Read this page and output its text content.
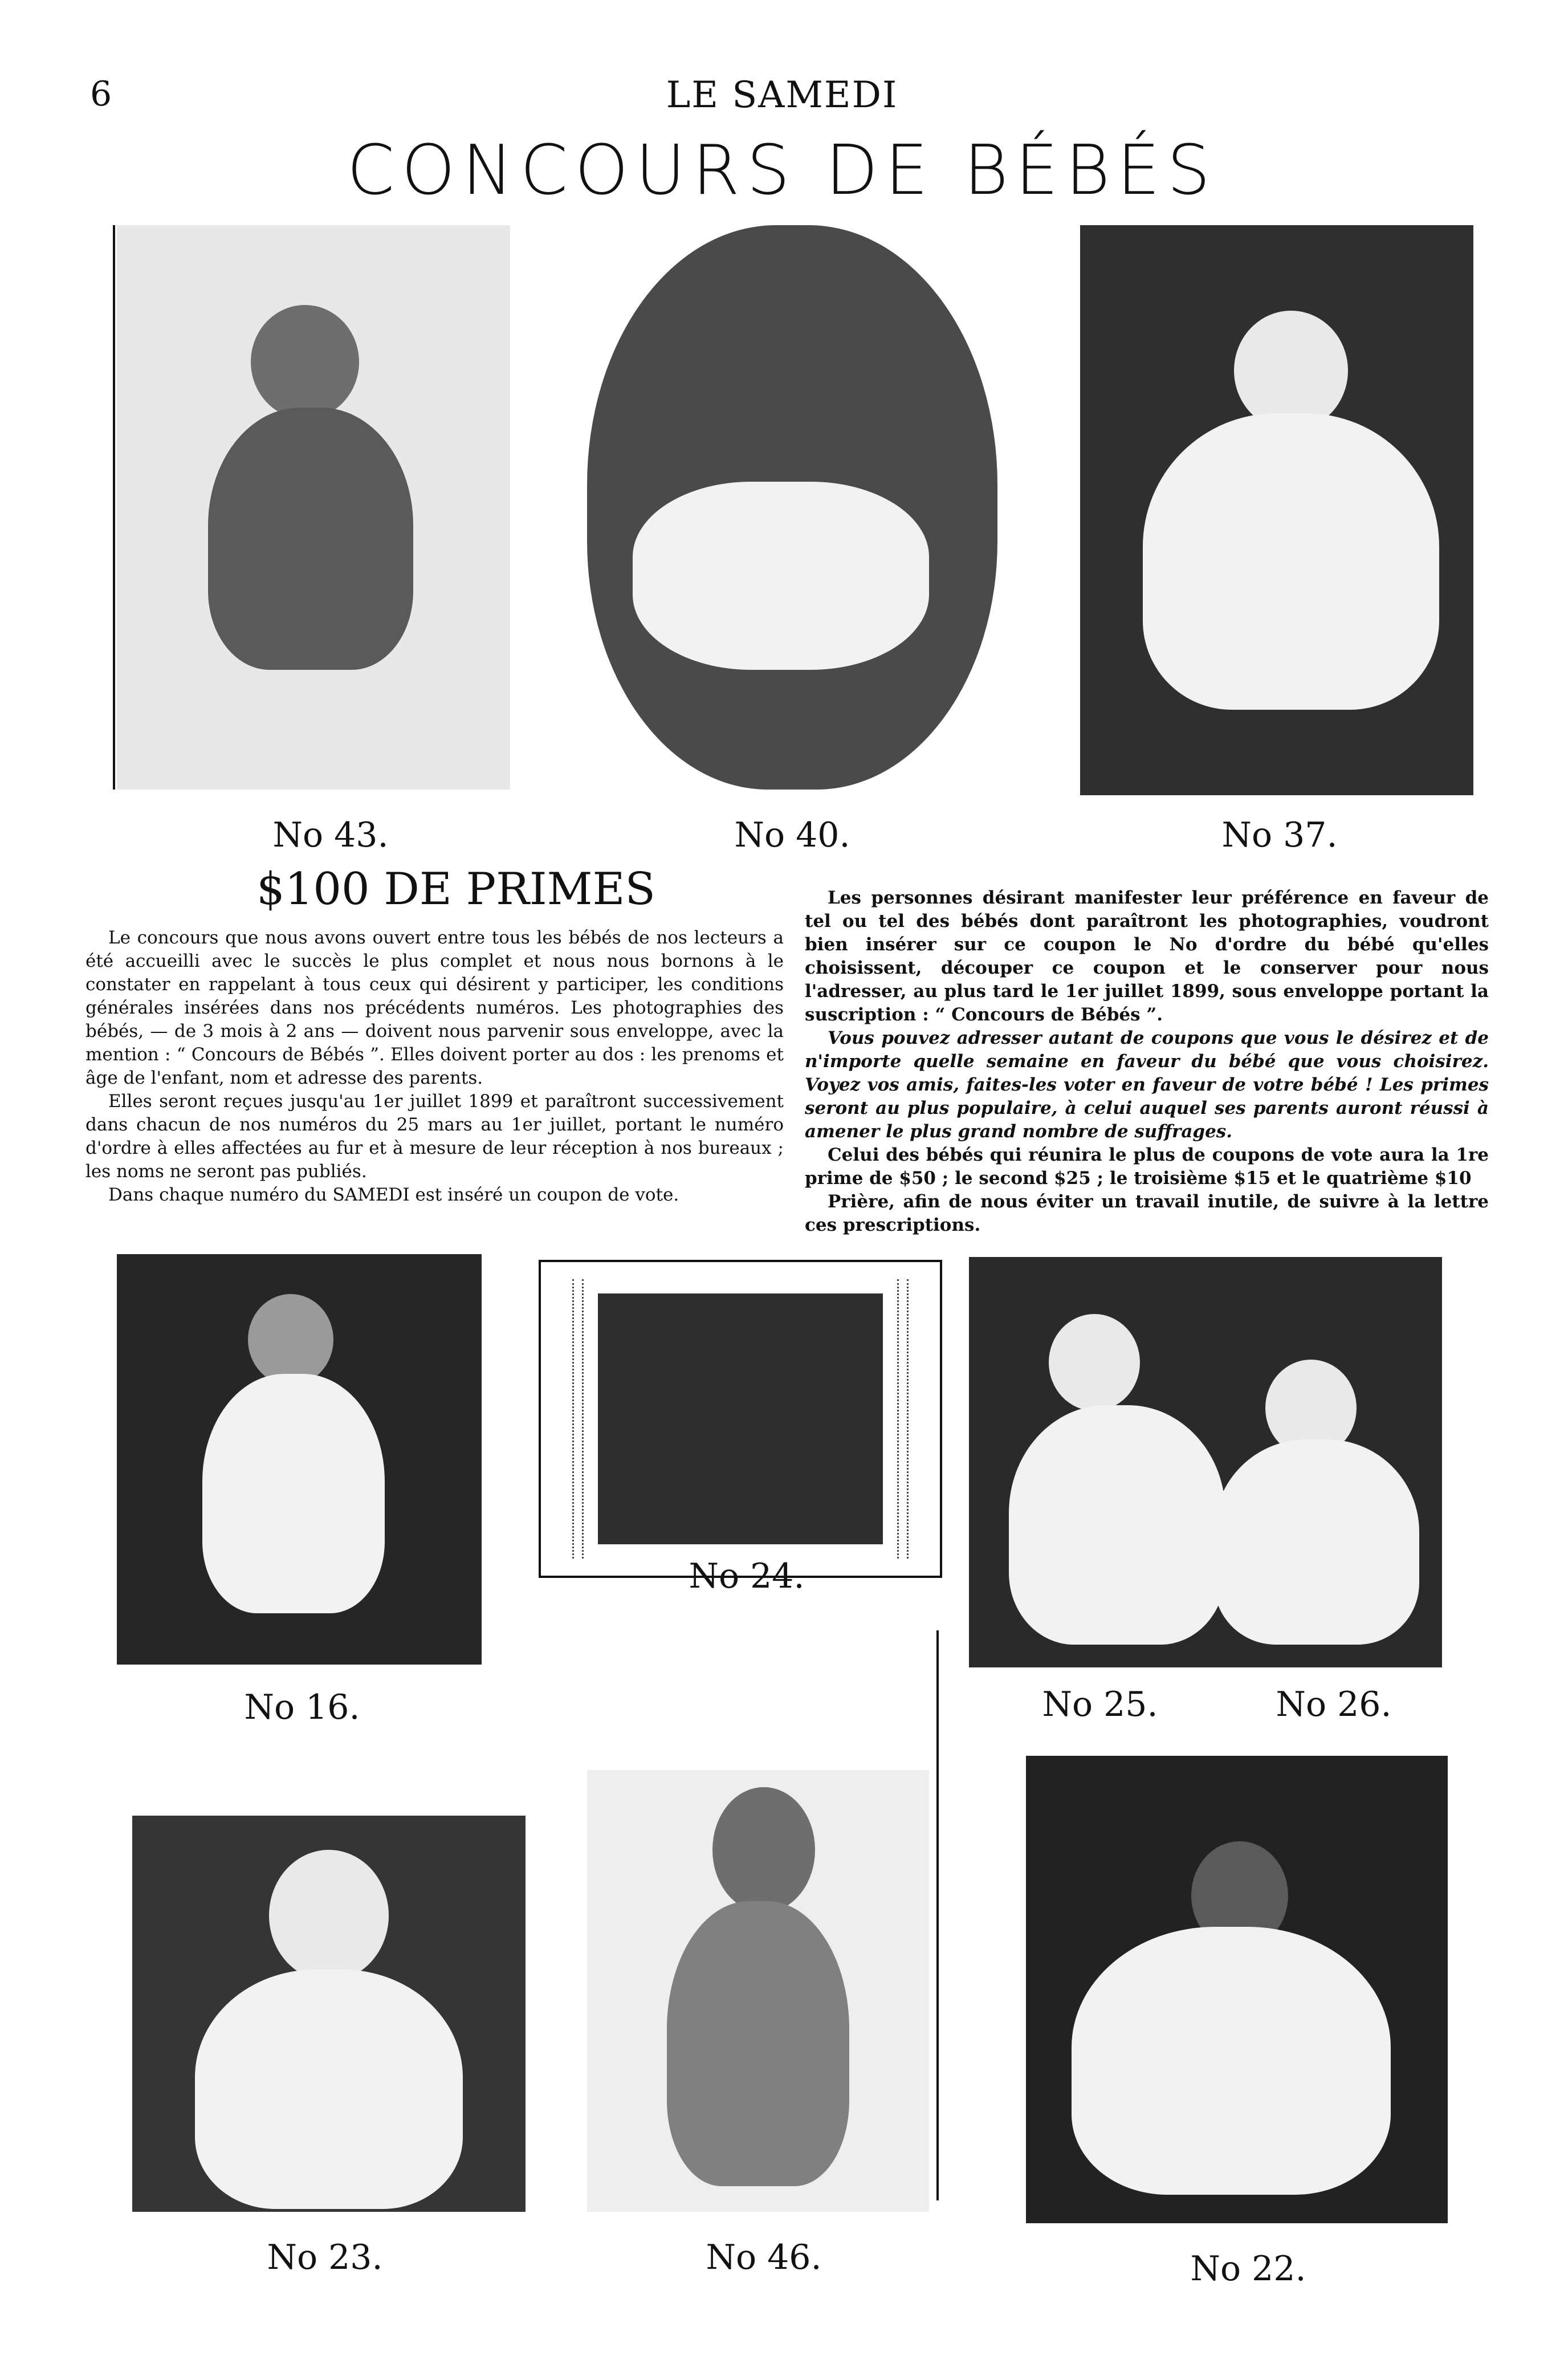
6	LE SAMEDI
CONCOURS DE BÉBÉS
No 43.	No 40.	No 37.
$100 DE PRIMES

Le concours que nous avons ouvert entre tous les bébés de nos lecteurs a été accueilli avec le succès le plus complet et nous nous bornons à le constater en rappelant à tous ceux qui désirent y participer, les conditions générales insérées dans nos précédents numéros. Les photographies des bébés, — de 3 mois à 2 ans — doivent nous parvenir sous enveloppe, avec la mention : “ Concours de Bébés ”. Elles doivent porter au dos : les prenoms et âge de l'enfant, nom et adresse des parents.

Elles seront reçues jusqu'au 1er juillet 1899 et paraîtront successivement dans chacun de nos numéros du 25 mars au 1er juillet, portant le numéro d'ordre à elles affectées au fur et à mesure de leur réception à nos bureaux ; les noms ne seront pas publiés.

Dans chaque numéro du SAMEDI est inséré un coupon de vote.

Les personnes désirant manifester leur préférence en faveur de tel ou tel des bébés dont paraîtront les photographies, voudront bien insérer sur ce coupon le No d'ordre du bébé qu'elles choisissent, découper ce coupon et le conserver pour nous l'adresser, au plus tard le 1er juillet 1899, sous enveloppe portant la suscription : “ Concours de Bébés ”.

Vous pouvez adresser autant de coupons que vous le désirez et de n'importe quelle semaine en faveur du bébé que vous choisirez. Voyez vos amis, faites-les voter en faveur de votre bébé ! Les primes seront au plus populaire, à celui auquel ses parents auront réussi à amener le plus grand nombre de suffrages.

Celui des bébés qui réunira le plus de coupons de vote aura la 1re prime de $50 ; le second $25 ; le troisième $15 et le quatrième $10

Prière, afin de nous éviter un travail inutile, de suivre à la lettre ces prescriptions.

No 16.
No 24.
No 25.	No 26.
No 23.	No 46.	No 22.
